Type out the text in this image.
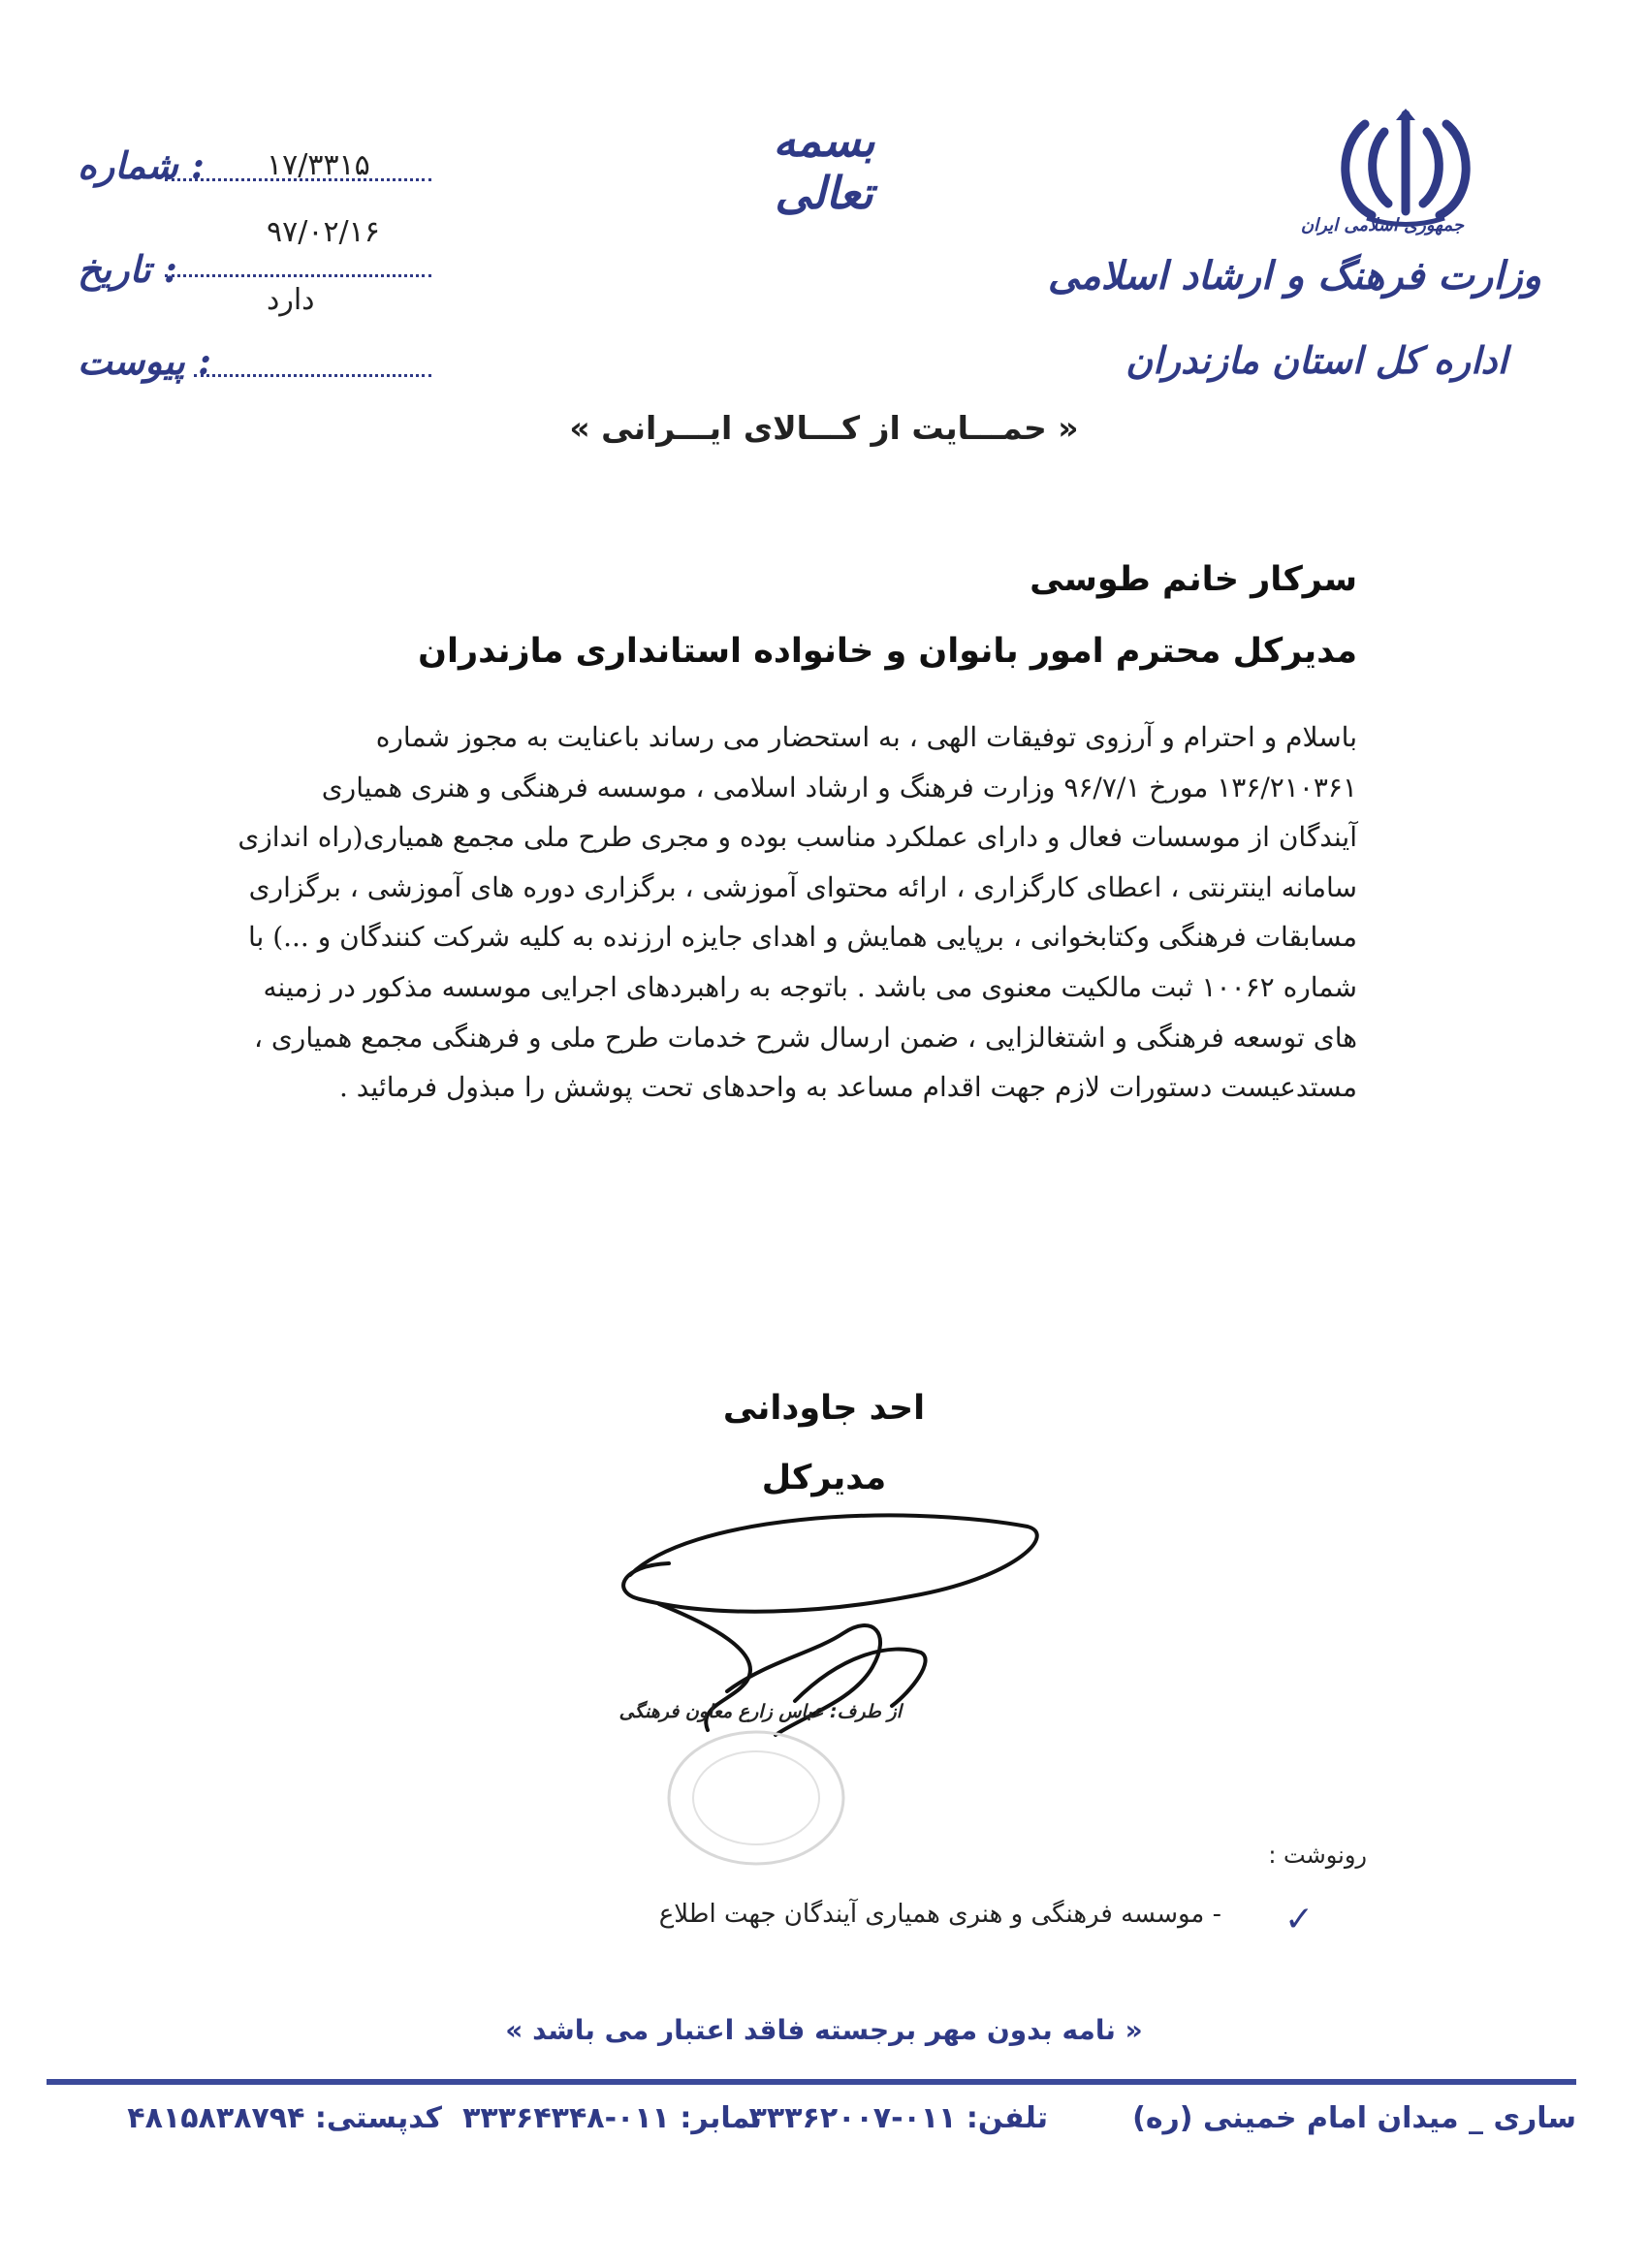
جمهوری اسلامی ایران
وزارت فرهنگ و ارشاد اسلامی
اداره کل استان مازندران
بسمه تعالی
: شماره ۱۷/۳۳۱۵
۹۷/۰۲/۱۶
: تاریخ
دارد
: پیوست
« حمـــایت از کـــالای ایـــرانی »
سرکار خانم طوسی
مدیرکل محترم امور بانوان و خانواده استانداری مازندران
باسلام و احترام و آرزوی توفیقات الهی ، به استحضار می رساند باعنایت به مجوز شماره
۱۳۶/۲۱۰۳۶۱ مورخ ۹۶/۷/۱ وزارت فرهنگ و ارشاد اسلامی ، موسسه فرهنگی و هنری همیاری
آیندگان از موسسات فعال و دارای عملکرد مناسب بوده و مجری طرح ملی مجمع همیاری(راه اندازی
سامانه اینترنتی ، اعطای کارگزاری ، ارائه محتوای آموزشی ، برگزاری دوره های آموزشی ، برگزاری
مسابقات فرهنگی وکتابخوانی ، برپایی همایش و اهدای جایزه ارزنده به کلیه شرکت کنندگان و ...) با
شماره ۱۰۰۶۲ ثبت مالکیت معنوی می باشد . باتوجه به راهبردهای اجرایی موسسه مذکور در زمینه
های توسعه فرهنگی و اشتغالزایی ، ضمن ارسال شرح خدمات طرح ملی و فرهنگی مجمع همیاری ،
مستدعیست دستورات لازم جهت اقدام مساعد به واحدهای تحت پوشش را مبذول فرمائید .
احد جاودانی
مدیرکل
از طرف: عباس زارع معاون فرهنگی
رونوشت :
✓
- موسسه فرهنگی و هنری همیاری آیندگان جهت اطلاع
« نامه بدون مهر برجسته فاقد اعتبار می باشد »
ساری _ میدان امام خمینی (ره)
تلفن: ۰۱۱-۳۳۳۶۲۰۰۷
نمابر: ۰۱۱-۳۳۳۶۴۳۴۸
کدپستی: ۴۸۱۵۸۳۸۷۹۴
